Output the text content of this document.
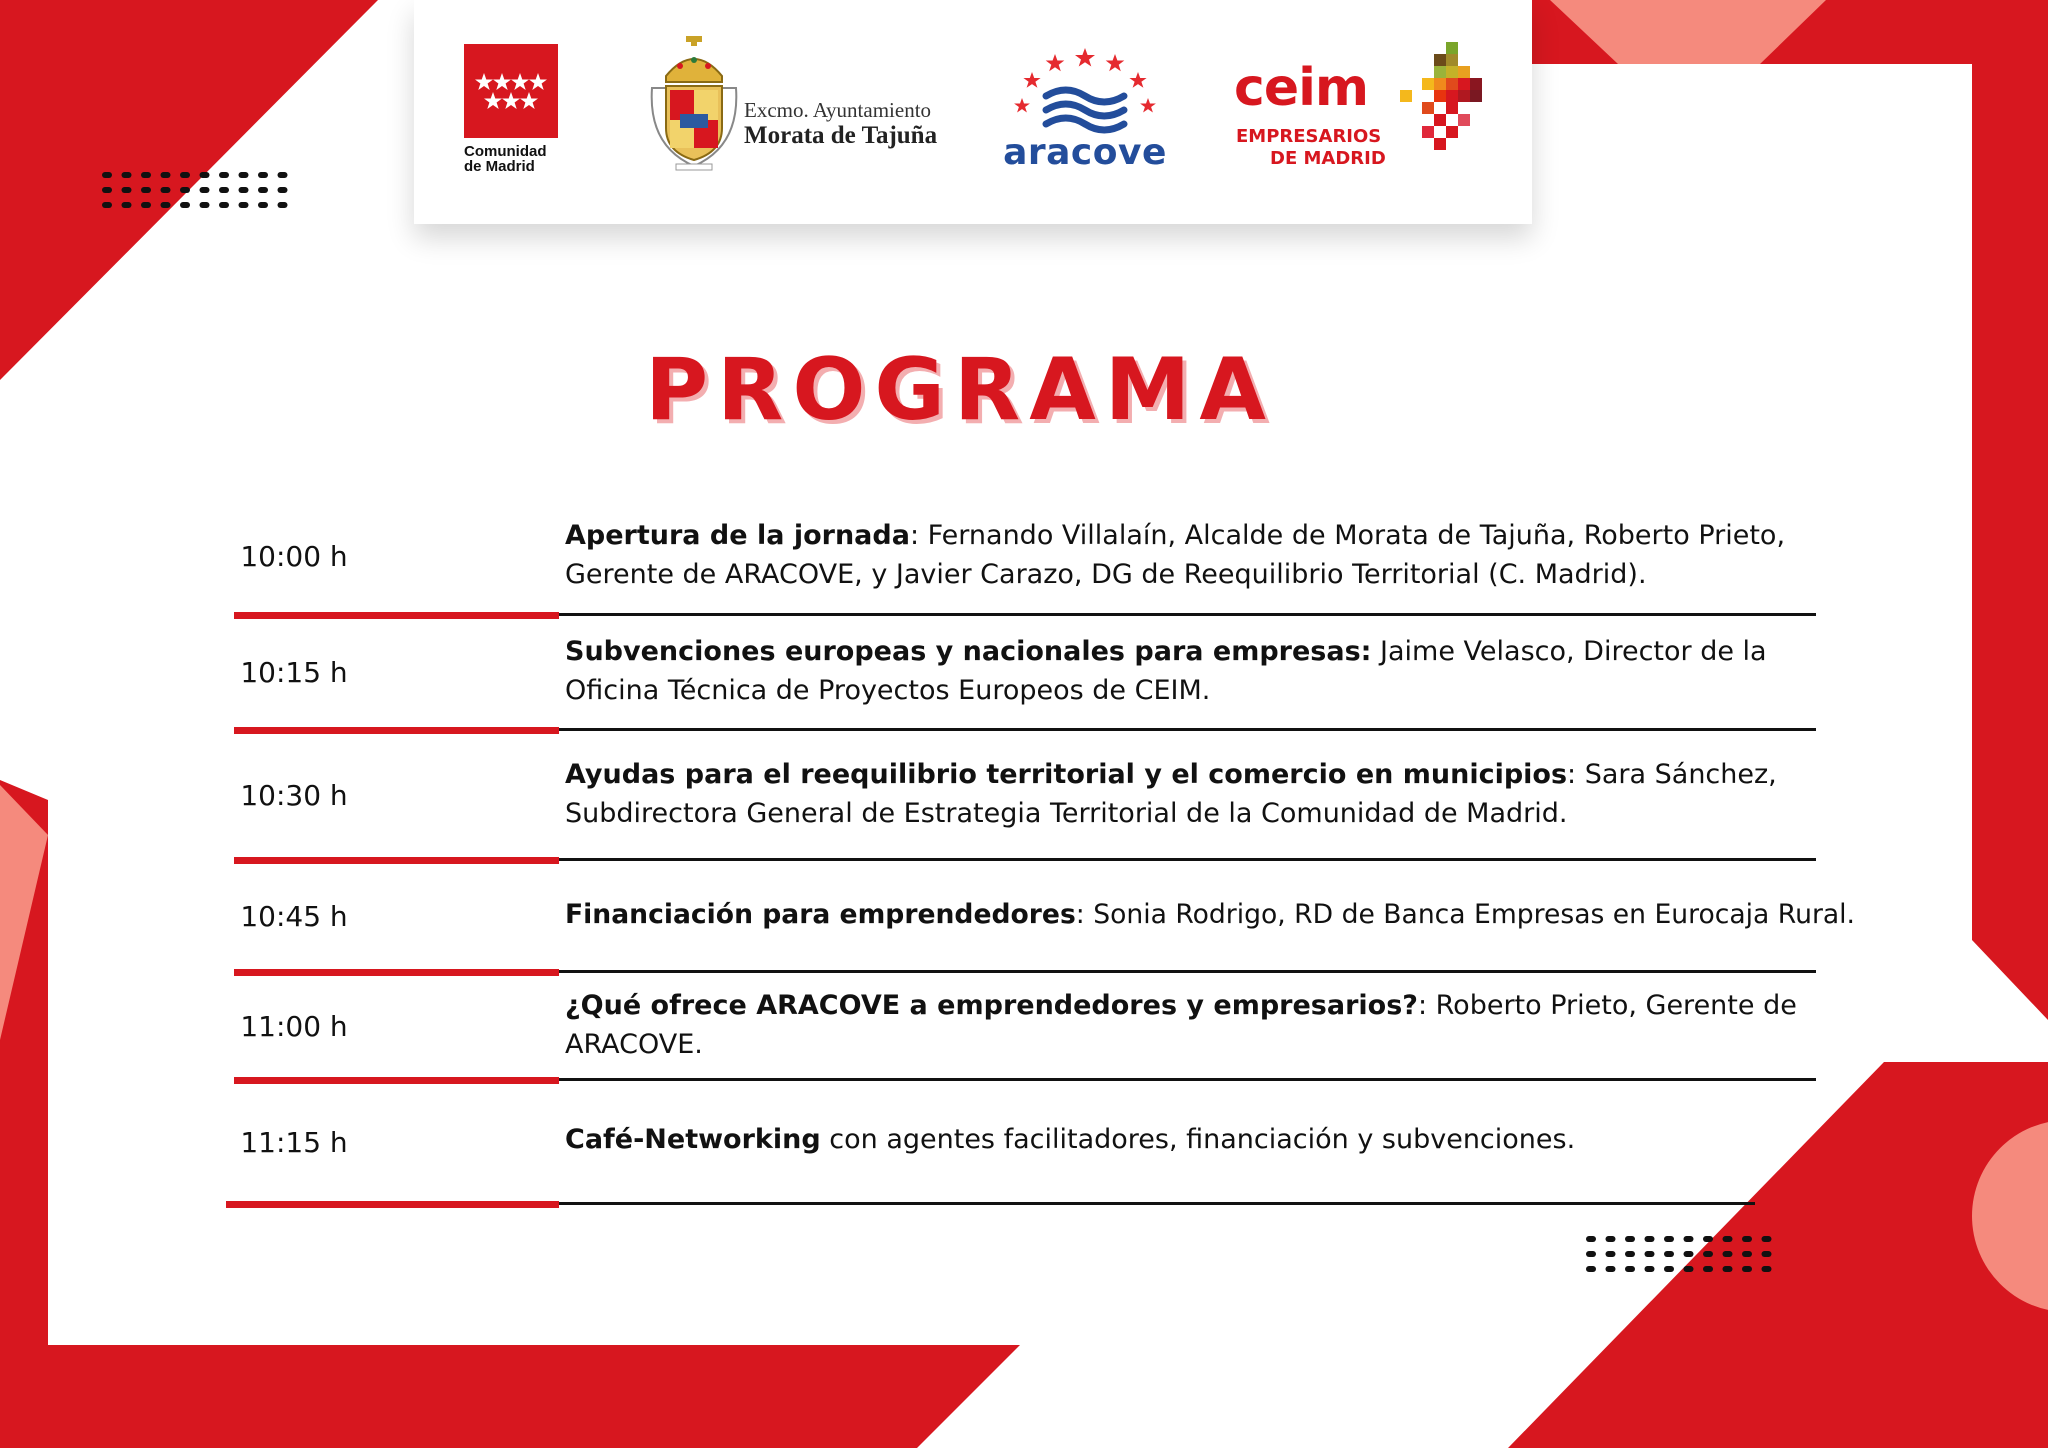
Comunidad
de Madrid
Excmo. Ayuntamiento
Morata de Tajuña aracove
ceim
EMPRESARIOS
DE MADRID
PROGRAMA
10:00 h
Apertura de la jornada: Fernando Villalaín, Alcalde de Morata de Tajuña, Roberto Prieto, Gerente de ARACOVE, y Javier Carazo, DG de Reequilibrio Territorial (C. Madrid).
10:15 h
Subvenciones europeas y nacionales para empresas: Jaime Velasco, Director de la Oficina Técnica de Proyectos Europeos de CEIM.
10:30 h
Ayudas para el reequilibrio territorial y el comercio en municipios: Sara Sánchez, Subdirectora General de Estrategia Territorial de la Comunidad de Madrid.
10:45 h	Financiación para emprendedores: Sonia Rodrigo, RD de Banca Empresas en Eurocaja Rural.
11:00 h
¿Qué ofrece ARACOVE a emprendedores y empresarios?: Roberto Prieto, Gerente de ARACOVE.
11:15 h	Café-Networking con agentes facilitadores, financiación y subvenciones.
